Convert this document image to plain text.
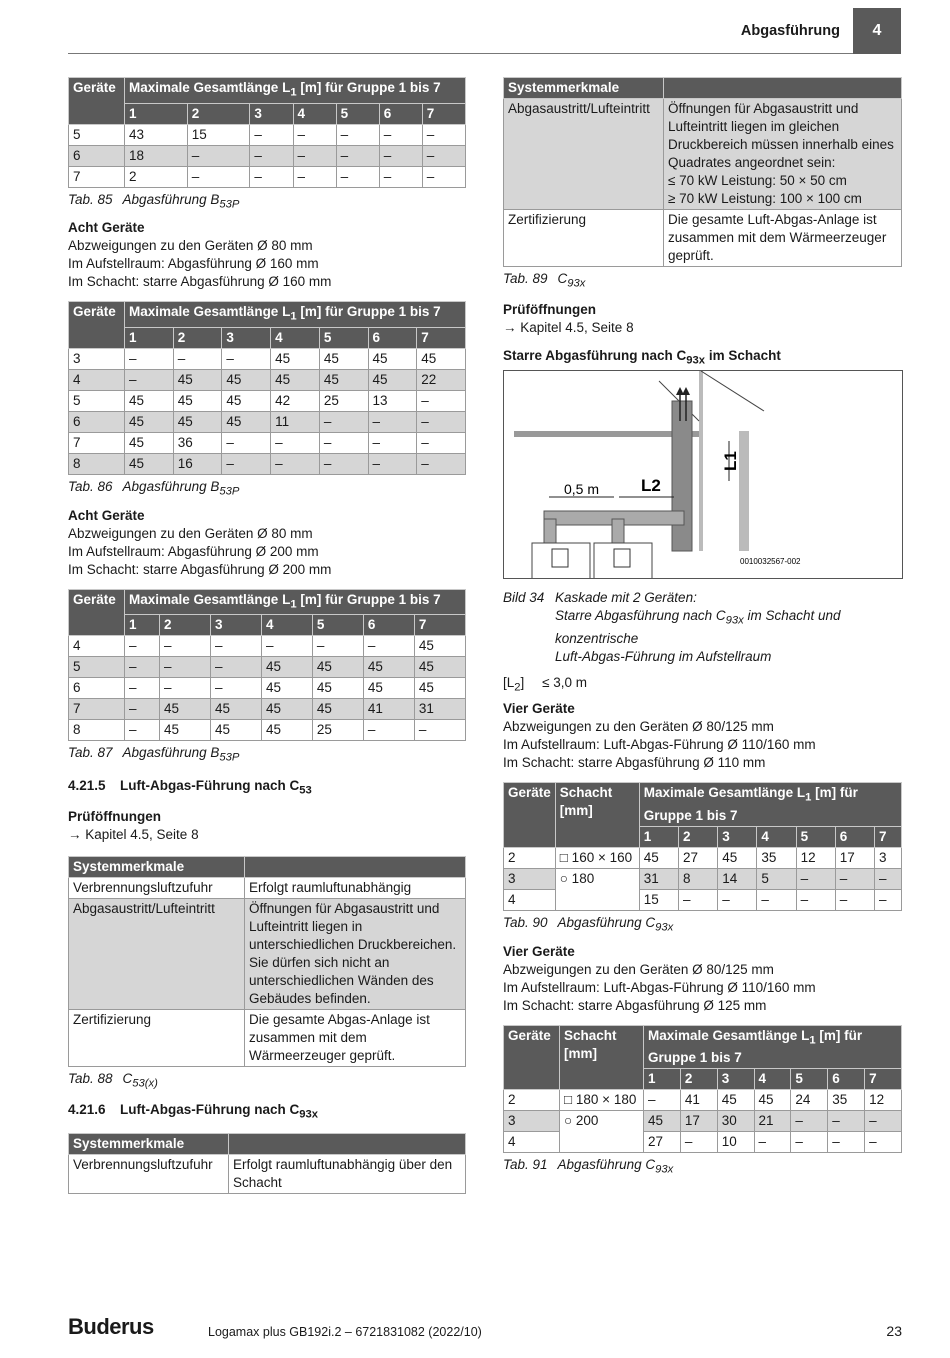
Abgasführung	4
Geräte	Maximale Gesamtlänge $L_1$ [m] für Gruppe 1 bis 7						
	1	2	3	4	5	6	7
5	43	15	–	–	–	–	–
6	18	–	–	–	–	–	–
7	2	–	–	–	–	–	–
Tab. 85 Abgasführung $B_{53P}$

Acht Geräte

Abzweigungen zu den Geräten Ø 80 mm

Im Aufstellraum: Abgasführung Ø 160 mm

Im Schacht: starre Abgasführung Ø 160 mm

Geräte	Maximale Gesamtlänge $L_1$ [m] für Gruppe 1 bis 7						
	1	2	3	4	5	6	7
3	–	–	–	45	45	45	45
4	–	45	45	45	45	45	22
5	45	45	45	42	25	13	–
6	45	45	45	11	–	–	–
7	45	36	–	–	–	–	–
8	45	16	–	–	–	–	–
Tab. 86 Abgasführung $B_{53P}$

Acht Geräte

Abzweigungen zu den Geräten Ø 80 mm

Im Aufstellraum: Abgasführung Ø 200 mm

Im Schacht: starre Abgasführung Ø 200 mm

Geräte	Maximale Gesamtlänge $L_1$ [m] für Gruppe 1 bis 7						
	1	2	3	4	5	6	7
4	–	–	–	–	–	–	45
5	–	–	–	45	45	45	45
6	–	–	–	45	45	45	45
7	–	45	45	45	45	41	31
8	–	45	45	45	25	–	–
Tab. 87 Abgasführung $B_{53P}$
4.21.5 Luft-Abgas-Führung nach $C_{53}$

Prüföffnungen

→ Kapitel 4.5, Seite 8

Systemmerkmale	
Verbrennungsluftzufuhr	Erfolgt raumluftunabhängig
Abgasaustritt/Lufteintritt	Öffnungen für Abgasaustritt und Lufteintritt liegen in unterschiedlichen Druckbereichen. Sie dürfen sich nicht an unterschiedlichen Wänden des Gebäudes befinden.
Zertifizierung	Die gesamte Abgas-Anlage ist zusammen mit dem Wärmeerzeuger geprüft.
Tab. 88 $C_{53(x)}$
4.21.6 Luft-Abgas-Führung nach $C_{93x}$
Systemmerkmale	
Verbrennungsluftzufuhr	Erfolgt raumluftunabhängig über den Schacht
Systemmerkmale	
Abgasaustritt/Lufteintritt	Öffnungen für Abgasaustritt und Lufteintritt liegen im gleichen Druckbereich müssen innerhalb eines Quadrates angeordnet sein:
≤ 70 kW Leistung: 50 × 50 cm
≥ 70 kW Leistung: 100 × 100 cm

Zertifizierung	Die gesamte Luft-Abgas-Anlage ist zusammen mit dem Wärmeerzeuger geprüft.
Tab. 89 $C_{93x}$

Prüföffnungen

→ Kapitel 4.5, Seite 8

Starre Abgasführung nach $C_{93x}$ im Schacht
0,5 m L2
L1
0010032567-002
Bild 34 Kaskade mit 2 Geräten:
Starre Abgasführung nach $C_{93x}$ im Schacht und konzentrische
Luft-Abgas-Führung im Aufstellraum
$[L_2] \le 3,0$ m

Vier Geräte

Abzweigungen zu den Geräten Ø 80/125 mm

Im Aufstellraum: Luft-Abgas-Führung Ø 110/160 mm

Im Schacht: starre Abgasführung Ø 110 mm

Geräte	Schacht [mm]	Maximale Gesamtlänge $L_1$ [m] für Gruppe 1 bis 7						
		1	2	3	4	5	6	7
2	□ 160 × 160	45	27	45	35	12	17	3
3	○ 180	31	8	14	5	–	–	–
4		15	–	–	–	–	–	–
Tab. 90 Abgasführung $C_{93x}$

Vier Geräte

Abzweigungen zu den Geräten Ø 80/125 mm

Im Aufstellraum: Luft-Abgas-Führung Ø 110/160 mm

Im Schacht: starre Abgasführung Ø 125 mm

Geräte	Schacht [mm]	Maximale Gesamtlänge $L_1$ [m] für Gruppe 1 bis 7						
		1	2	3	4	5	6	7
2	□ 180 × 180	–	41	45	45	24	35	12
3	○ 200	45	17	30	21	–	–	–
4		27	–	10	–	–	–	–
Tab. 91 Abgasführung $C_{93x}$
Buderus	Logamax plus GB192i.2 – 6721831082 (2022/10)	23
